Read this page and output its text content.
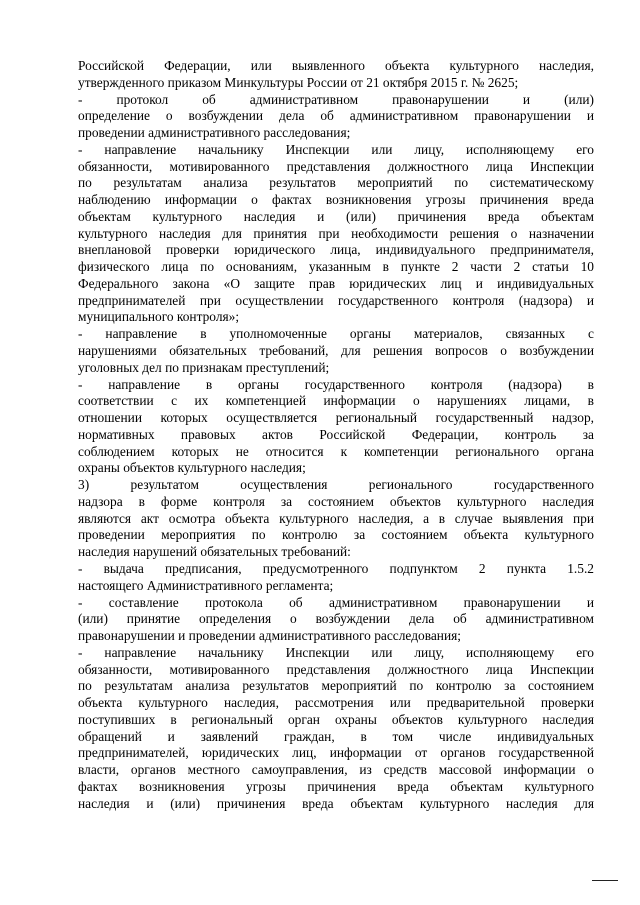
Российской Федерации, или выявленного объекта культурного наследия,
утвержденного приказом Минкультуры России от 21 октября 2015 г. № 2625;
- протокол об административном правонарушении и (или)
определение о возбуждении дела об административном правонарушении и
проведении административного расследования;
- направление начальнику Инспекции или лицу, исполняющему его
обязанности, мотивированного представления должностного лица Инспекции
по результатам анализа результатов мероприятий по систематическому
наблюдению информации о фактах возникновения угрозы причинения вреда
объектам культурного наследия и (или) причинения вреда объектам
культурного наследия для принятия при необходимости решения о назначении
внеплановой проверки юридического лица, индивидуального предпринимателя,
физического лица по основаниям, указанным в пункте 2 части 2 статьи 10
Федерального закона «О защите прав юридических лиц и индивидуальных
предпринимателей при осуществлении государственного контроля (надзора) и
муниципального контроля»;
- направление в уполномоченные органы материалов, связанных с
нарушениями обязательных требований, для решения вопросов о возбуждении
уголовных дел по признакам преступлений;
- направление в органы государственного контроля (надзора) в
соответствии с их компетенцией информации о нарушениях лицами, в
отношении которых осуществляется региональный государственный надзор,
нормативных правовых актов Российской Федерации, контроль за
соблюдением которых не относится к компетенции регионального органа
охраны объектов культурного наследия;
3) результатом осуществления регионального государственного
надзора в форме контроля за состоянием объектов культурного наследия
являются акт осмотра объекта культурного наследия, а в случае выявления при
проведении мероприятия по контролю за состоянием объекта культурного
наследия нарушений обязательных требований:
- выдача предписания, предусмотренного подпунктом 2 пункта 1.5.2
настоящего Административного регламента;
- составление протокола об административном правонарушении и
(или) принятие определения о возбуждении дела об административном
правонарушении и проведении административного расследования;
- направление начальнику Инспекции или лицу, исполняющему его
обязанности, мотивированного представления должностного лица Инспекции
по результатам анализа результатов мероприятий по контролю за состоянием
объекта культурного наследия, рассмотрения или предварительной проверки
поступивших в региональный орган охраны объектов культурного наследия
обращений и заявлений граждан, в том числе индивидуальных
предпринимателей, юридических лиц, информации от органов государственной
власти, органов местного самоуправления, из средств массовой информации о
фактах возникновения угрозы причинения вреда объектам культурного
наследия и (или) причинения вреда объектам культурного наследия для
